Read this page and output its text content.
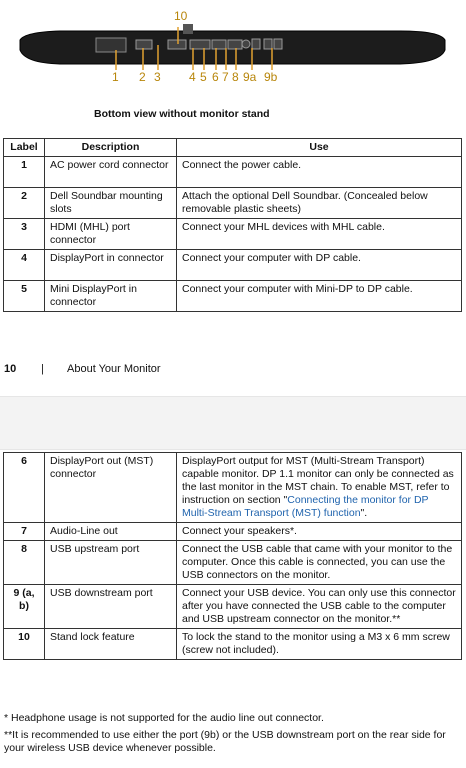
10
1 2 3 4 5 6 7 8 9a 9b
Bottom view without monitor stand
Label	Description	Use
1	AC power cord connector	Connect the power cable.
2	Dell Soundbar mounting slots	Attach the optional Dell Soundbar. (Concealed below removable plastic sheets)
3	HDMI (MHL) port connector	Connect your MHL devices with MHL cable.
4	DisplayPort in connector	Connect your computer with DP cable.
5	Mini DisplayPort in connector	Connect your computer with Mini-DP to DP cable.
10 | About Your Monitor
6	DisplayPort out (MST) connector	DisplayPort output for MST (Multi-Stream Transport) capable monitor. DP 1.1 monitor can only be connected as the last monitor in the MST chain. To enable MST, refer to instruction on section "Connecting the monitor for DP Multi-Stream Transport (MST) function".
7	Audio-Line out	Connect your speakers*.
8	USB upstream port	Connect the USB cable that came with your monitor to the computer. Once this cable is connected, you can use the USB connectors on the monitor.
9 (a, b)	USB downstream port	Connect your USB device. You can only use this connector after you have connected the USB cable to the computer and USB upstream connector on the monitor.**
10	Stand lock feature	To lock the stand to the monitor using a M3 x 6 mm screw (screw not included).
* Headphone usage is not supported for the audio line out connector.
**It is recommended to use either the port (9b) or the USB downstream port on the rear side for your wireless USB device whenever possible.
